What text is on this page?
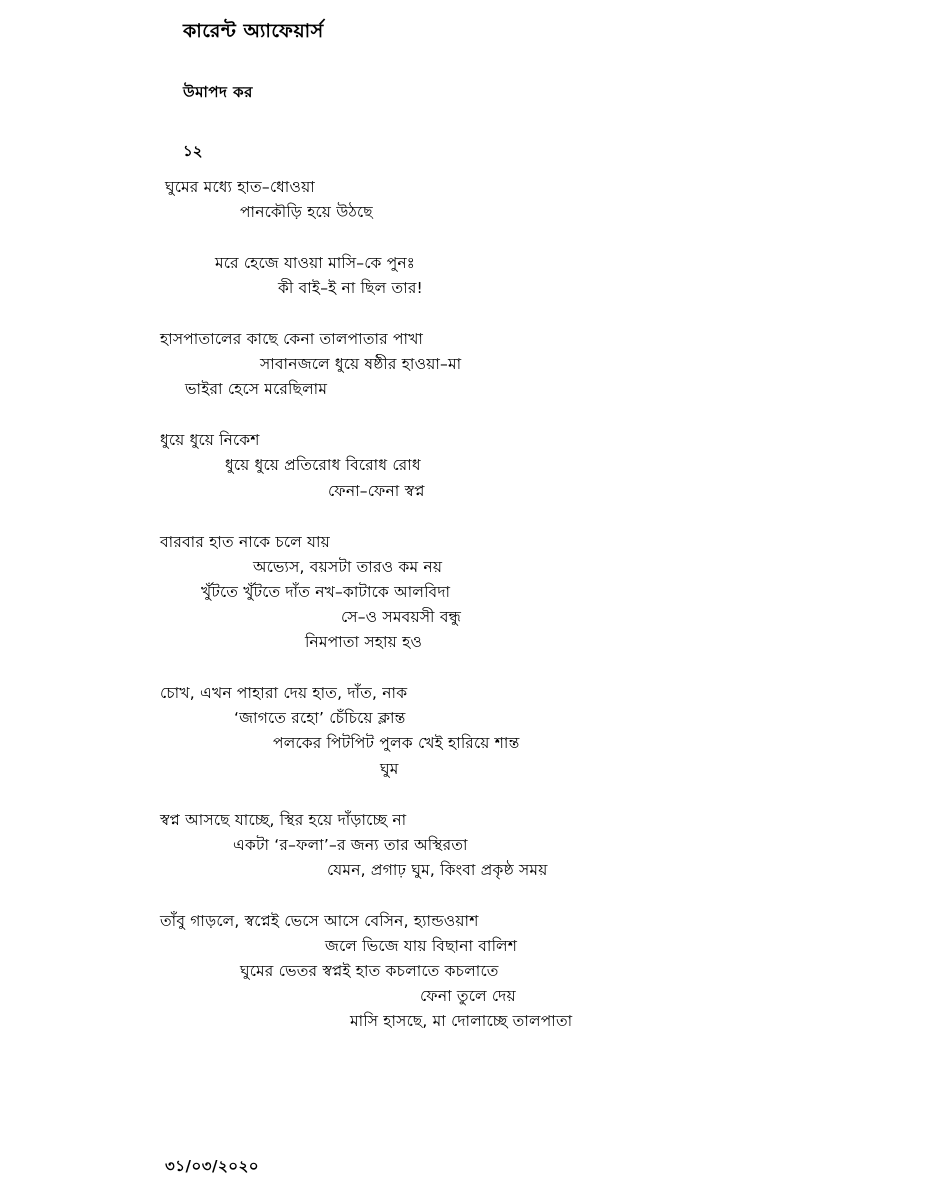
কারেন্ট অ্যাফেয়ার্স
উমাপদ কর
১২
ঘুমের মধ্যে হাত–ধোওয়া
পানকৌড়ি হয়ে উঠছে
মরে হেজে যাওয়া মাসি–কে পুনঃ
কী বাই–ই না ছিল তার!
হাসপাতালের কাছে কেনা তালপাতার পাখা
সাবানজলে ধুয়ে ষষ্ঠীর হাওয়া–মা
ভাইরা হেসে মরেছিলাম
ধুয়ে ধুয়ে নিকেশ
ধুয়ে ধুয়ে প্রতিরোধ বিরোধ রোধ
ফেনা–ফেনা স্বপ্ন
বারবার হাত নাকে চলে যায়
অভ্যেস, বয়সটা তারও কম নয়
খুঁটতে খুঁটতে দাঁত নখ–কাটাকে আলবিদা
সে–ও সমবয়সী বন্ধু
নিমপাতা সহায় হও
চোখ, এখন পাহারা দেয় হাত, দাঁত, নাক
‘জাগতে রহো’ চেঁচিয়ে ক্লান্ত
পলকের পিটপিট পুলক খেই হারিয়ে শান্ত
ঘুম
স্বপ্ন আসছে যাচ্ছে, স্থির হয়ে দাঁড়াচ্ছে না
একটা ‘র–ফলা’–র জন্য তার অস্থিরতা
যেমন, প্রগাঢ় ঘুম, কিংবা প্রকৃষ্ঠ সময়
তাঁবু গাড়লে, স্বপ্নেই ভেসে আসে বেসিন, হ্যান্ডওয়াশ
জলে ভিজে যায় বিছানা বালিশ
ঘুমের ভেতর স্বপ্নই হাত কচলাতে কচলাতে
ফেনা তুলে দেয়
মাসি হাসছে, মা দোলাচ্ছে তালপাতা
৩১/০৩/২০২০
